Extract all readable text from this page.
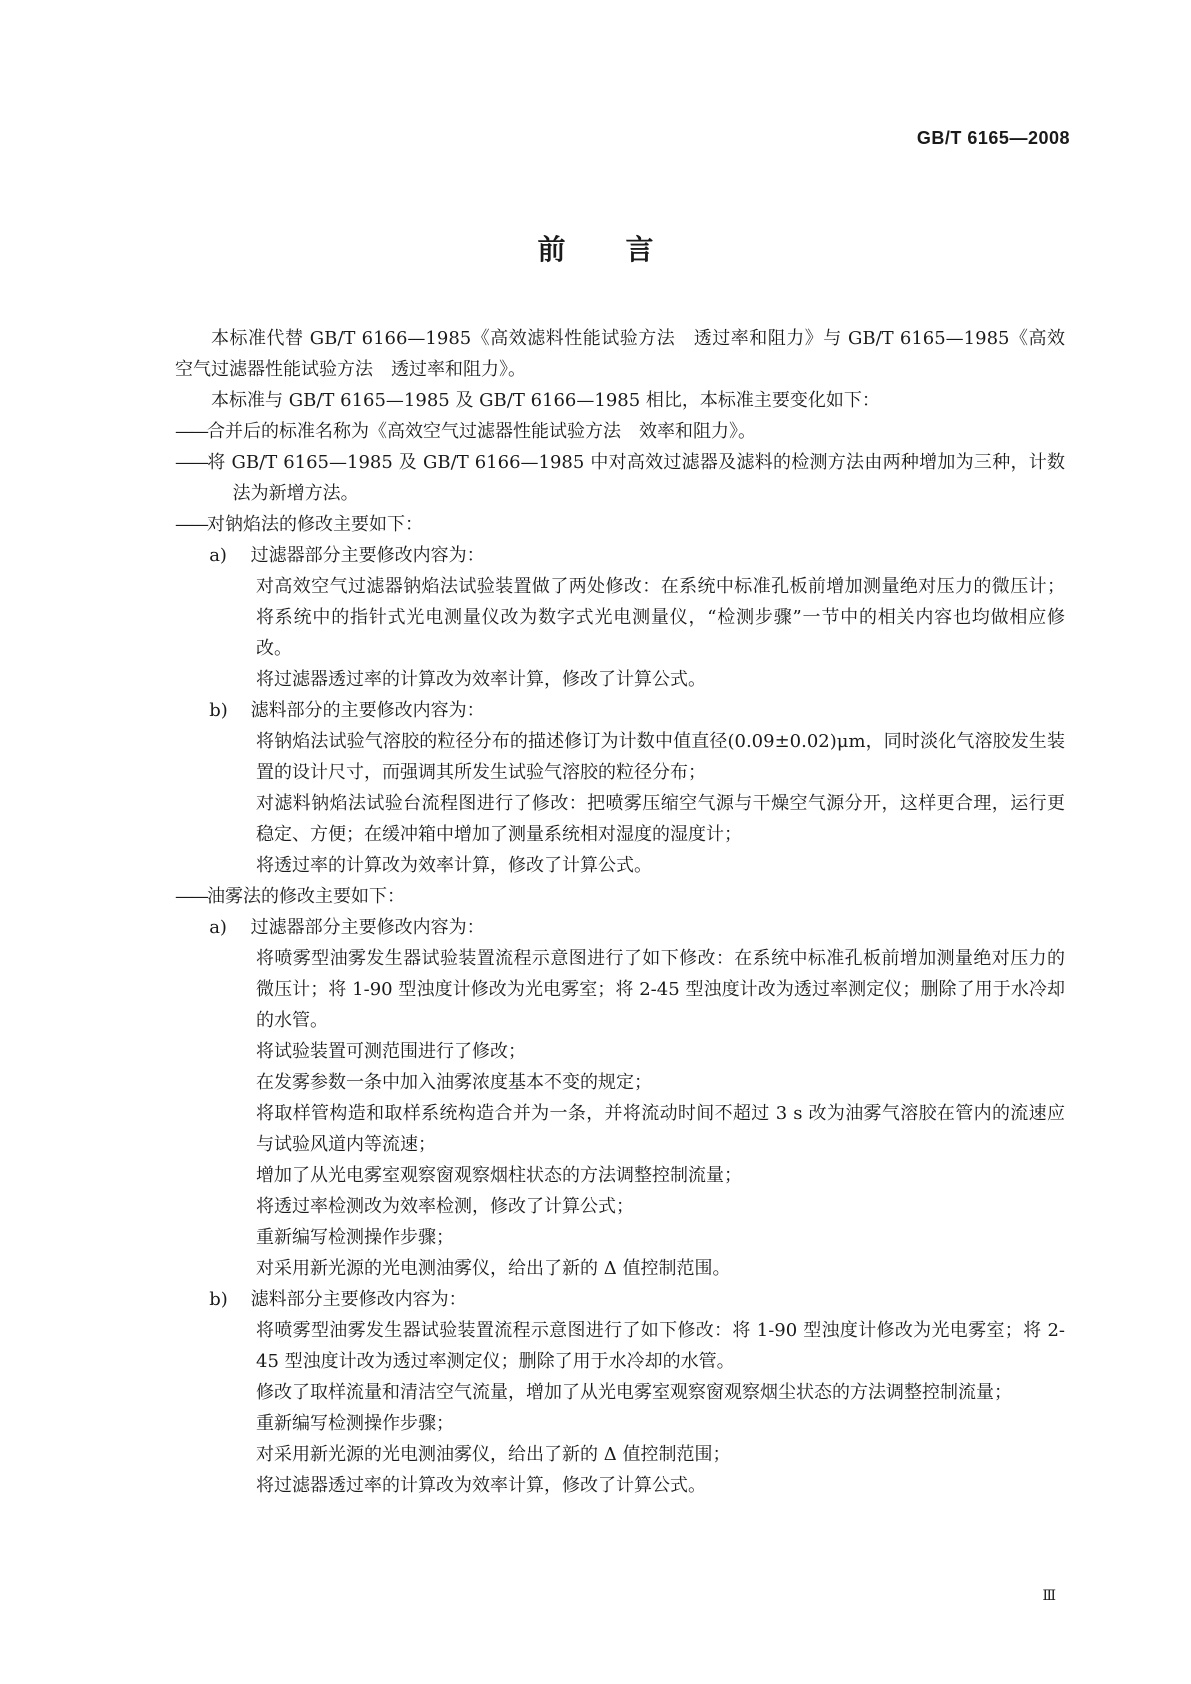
GB/T 6165—2008

前 言

本标准代替 GB/T 6166—1985《高效滤料性能试验方法　透过率和阻力》与 GB/T 6165—1985《高效空气过滤器性能试验方法　透过率和阻力》。

本标准与 GB/T 6165—1985 及 GB/T 6166—1985 相比，本标准主要变化如下：

——合并后的标准名称为《高效空气过滤器性能试验方法　效率和阻力》。

——将 GB/T 6165—1985 及 GB/T 6166—1985 中对高效过滤器及滤料的检测方法由两种增加为三种，计数法为新增方法。

——对钠焰法的修改主要如下：

a) 过滤器部分主要修改内容为：

对高效空气过滤器钠焰法试验装置做了两处修改：在系统中标准孔板前增加测量绝对压力的微压计；将系统中的指针式光电测量仪改为数字式光电测量仪，“检测步骤”一节中的相关内容也均做相应修改。

将过滤器透过率的计算改为效率计算，修改了计算公式。

b) 滤料部分的主要修改内容为：

将钠焰法试验气溶胶的粒径分布的描述修订为计数中值直径(0.09±0.02)μm，同时淡化气溶胶发生装置的设计尺寸，而强调其所发生试验气溶胶的粒径分布；

对滤料钠焰法试验台流程图进行了修改：把喷雾压缩空气源与干燥空气源分开，这样更合理，运行更稳定、方便；在缓冲箱中增加了测量系统相对湿度的湿度计；

将透过率的计算改为效率计算，修改了计算公式。

——油雾法的修改主要如下：

a) 过滤器部分主要修改内容为：

将喷雾型油雾发生器试验装置流程示意图进行了如下修改：在系统中标准孔板前增加测量绝对压力的微压计；将 1-90 型浊度计修改为光电雾室；将 2-45 型浊度计改为透过率测定仪；删除了用于水冷却的水管。

将试验装置可测范围进行了修改；

在发雾参数一条中加入油雾浓度基本不变的规定；

将取样管构造和取样系统构造合并为一条，并将流动时间不超过 3 s 改为油雾气溶胶在管内的流速应与试验风道内等流速；

增加了从光电雾室观察窗观察烟柱状态的方法调整控制流量；

将透过率检测改为效率检测，修改了计算公式；

重新编写检测操作步骤；

对采用新光源的光电测油雾仪，给出了新的 Δ 值控制范围。

b) 滤料部分主要修改内容为：

将喷雾型油雾发生器试验装置流程示意图进行了如下修改：将 1-90 型浊度计修改为光电雾室；将 2-45 型浊度计改为透过率测定仪；删除了用于水冷却的水管。

修改了取样流量和清洁空气流量，增加了从光电雾室观察窗观察烟尘状态的方法调整控制流量；

重新编写检测操作步骤；

对采用新光源的光电测油雾仪，给出了新的 Δ 值控制范围；

将过滤器透过率的计算改为效率计算，修改了计算公式。

Ⅲ
